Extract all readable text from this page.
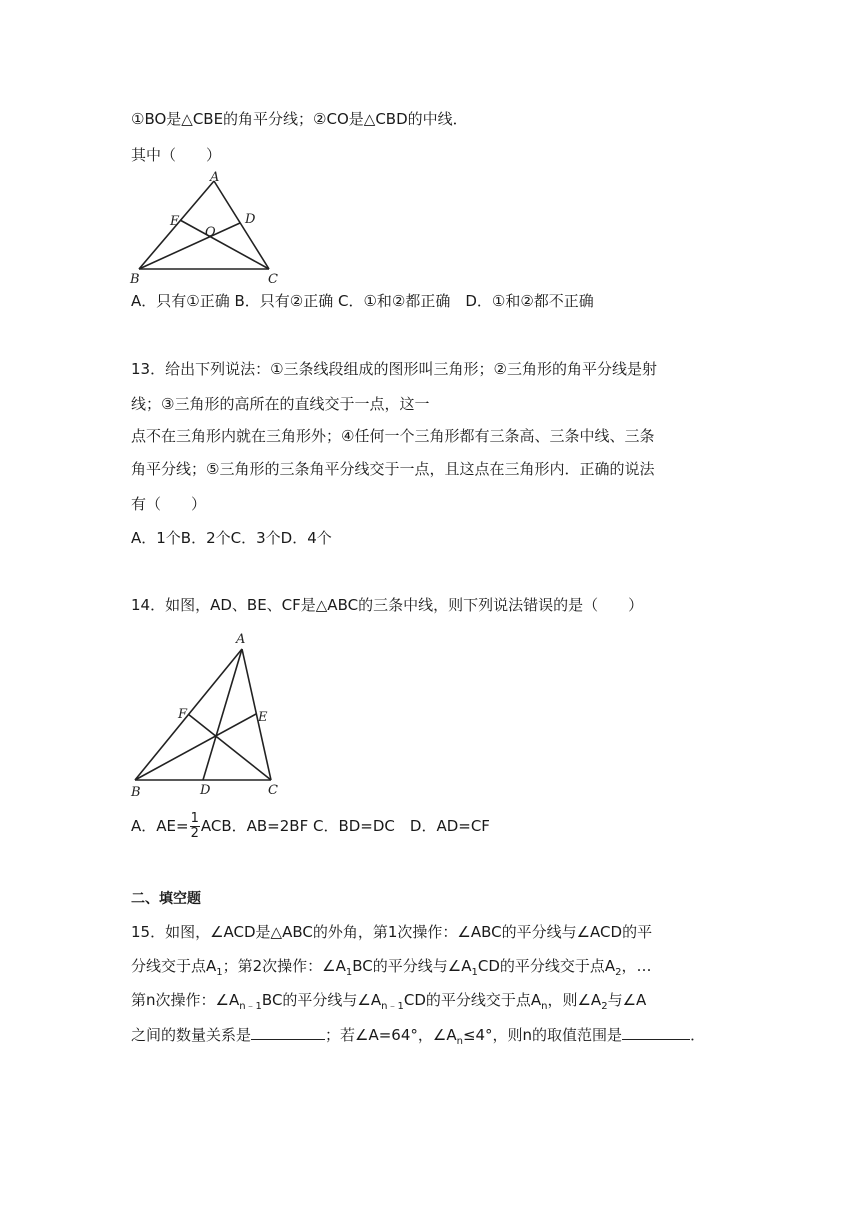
①BO是△CBE的角平分线；②CO是△CBD的中线．
其中（　　）
A
E	D
O
B	C
A．只有①正确 B．只有②正确 C．①和②都正确　D．①和②都不正确
13．给出下列说法：①三条线段组成的图形叫三角形；②三角形的角平分线是射
线；③三角形的高所在的直线交于一点，这一
点不在三角形内就在三角形外；④任何一个三角形都有三条高、三条中线、三条
角平分线；⑤三角形的三条角平分线交于一点，且这点在三角形内．正确的说法
有（　　）
A．1个B．2个C．3个D．4个
14．如图，AD、BE、CF是△ABC的三条中线，则下列说法错误的是（　　）
A
F	E
B	D	C
A．$AE= \frac{1}{2}$ ACB．AB=2BF C．BD=DC　D．AD=CF
二、填空题
15．如图，∠ACD是△ABC的外角，第1次操作：∠ABC的平分线与∠ACD的平
分线交于点$A_1$；第2次操作：$\angle A_1BC$的平分线与$\angle A_1CD$的平分线交于点$A_2$，…
第n次操作：$\angle A_{n﹣1}BC$的平分线与$\angle A_{n﹣1}CD$的平分线交于点$A_n$，则$\angle A_2$与∠A
之间的数量关系是	；若∠A=64°，$\angle A_n\le 4^\circ$，则n的取值范围是	．
